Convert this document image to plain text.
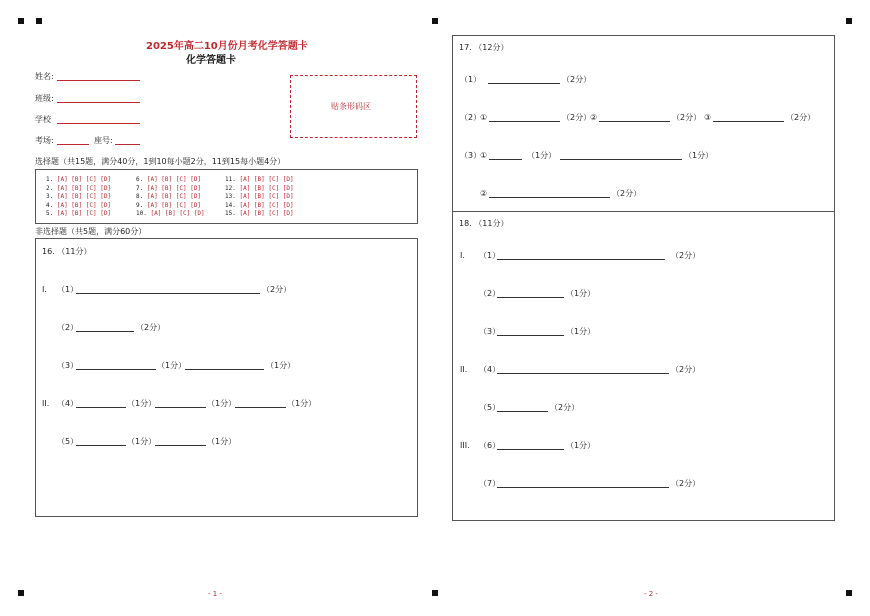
2025年高二10月份月考化学答题卡
化学答题卡
姓名:
班级:
学校
考场:	座号:
贴条形码区
选择题（共15题，满分40分，1到10每小题2分，11到15每小题4分）
1. [A] [B] [C] [D]
2. [A] [B] [C] [D]
3. [A] [B] [C] [D]
4. [A] [B] [C] [D]
5. [A] [B] [C] [D]
6. [A] [B] [C] [D]
7. [A] [B] [C] [D]
8. [A] [B] [C] [D]
9. [A] [B] [C] [D]
10. [A] [B] [C] [D]
11. [A] [B] [C] [D]
12. [A] [B] [C] [D]
13. [A] [B] [C] [D]
14. [A] [B] [C] [D]
15. [A] [B] [C] [D]
非选择题（共5题，满分60分）
16. （11分）
I. （1）	（2分）
（2）	（2分）
（3）	（1分）	（1分）
II. （4）	（1分）	（1分）	（1分）
（5）	（1分）	（1分）
- 1 -
17. （12分）
（1）	（2分）
（2）
①	（2分）
②	（2分） ③	（2分）
（3）
①	（1分）	（1分）
②	（2分）
18. （11分）
I. （1）	（2分）
（2）	（1分）
（3）	（1分）
II. （4）	（2分）
（5）	（2分）
III. （6）	（1分）
（7）	（2分）
- 2 -
